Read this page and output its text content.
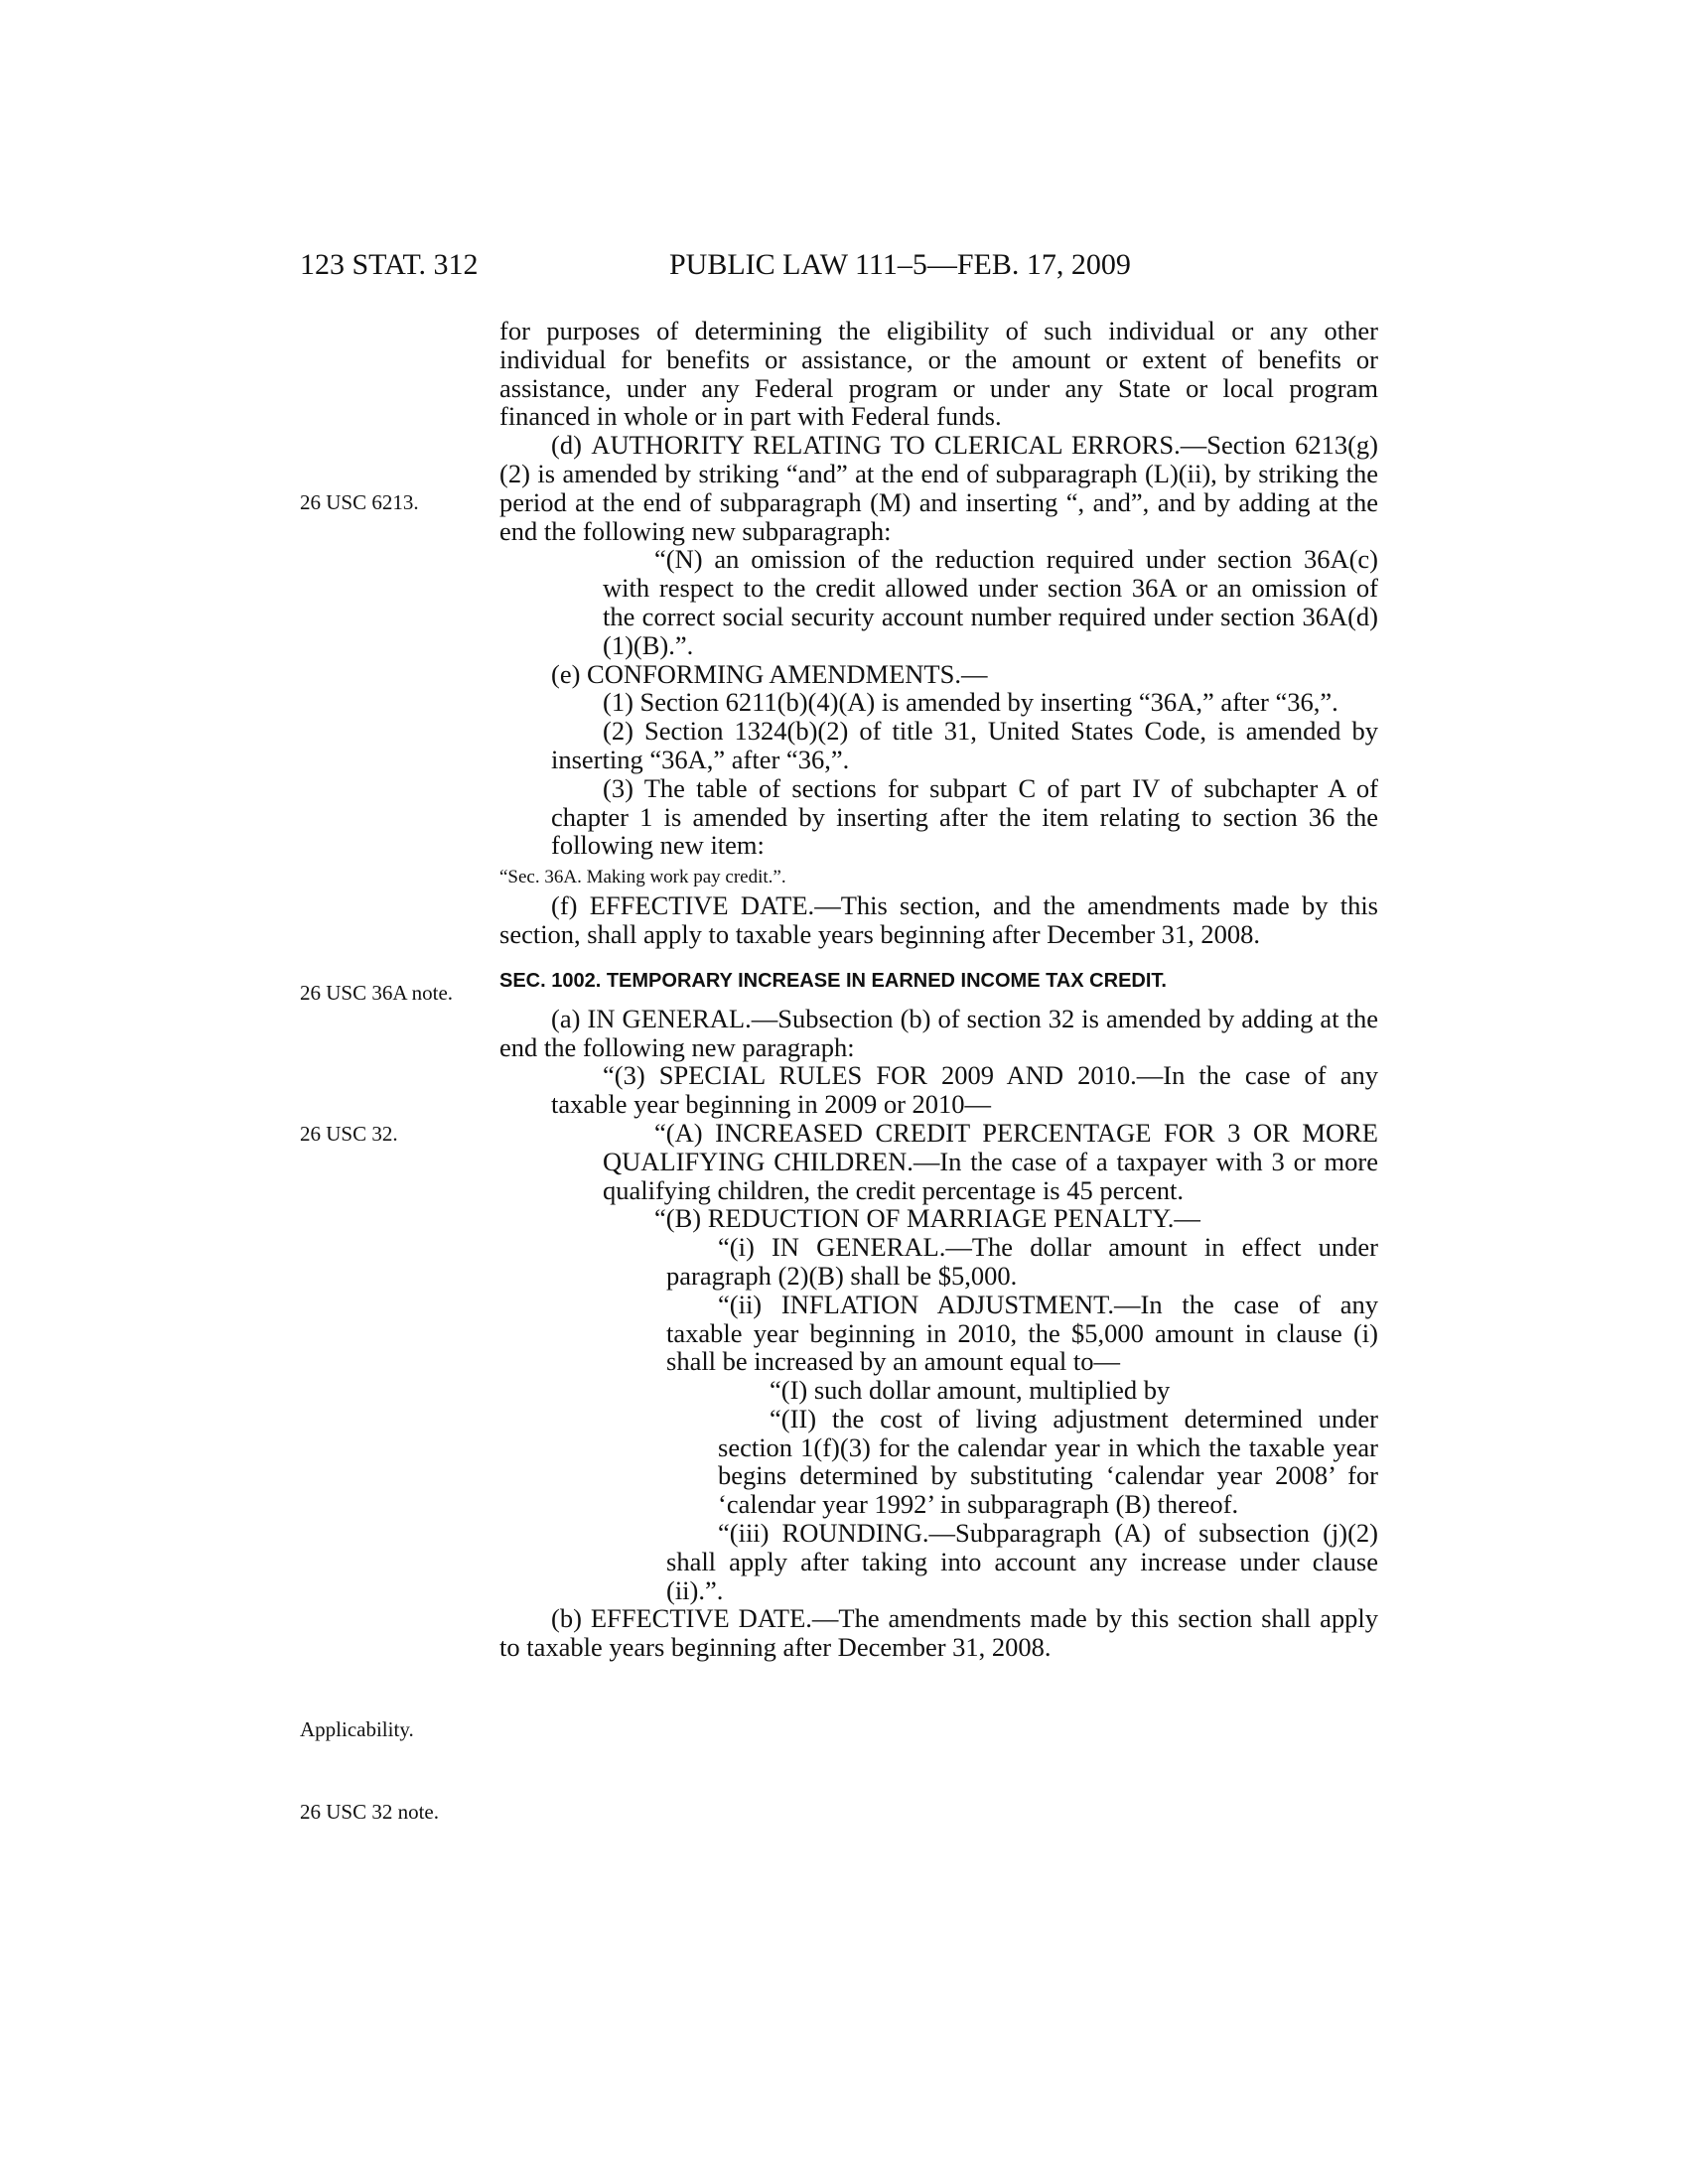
123 STAT. 312	PUBLIC LAW 111–5—FEB. 17, 2009
26 USC 6213.
26 USC 36A note.
26 USC 32.
Applicability.
26 USC 32 note.

for purposes of determining the eligibility of such individual or any other individual for benefits or assistance, or the amount or extent of benefits or assistance, under any Federal program or under any State or local program financed in whole or in part with Federal funds.

(d) AUTHORITY RELATING TO CLERICAL ERRORS.—Section 6213(g)(2) is amended by striking “and” at the end of subparagraph (L)(ii), by striking the period at the end of subparagraph (M) and inserting “, and”, and by adding at the end the following new subparagraph:

“(N) an omission of the reduction required under section 36A(c) with respect to the credit allowed under section 36A or an omission of the correct social security account number required under section 36A(d)(1)(B).”.

(e) CONFORMING AMENDMENTS.—

(1) Section 6211(b)(4)(A) is amended by inserting “36A,” after “36,”.

(2) Section 1324(b)(2) of title 31, United States Code, is amended by inserting “36A,” after “36,”.

(3) The table of sections for subpart C of part IV of subchapter A of chapter 1 is amended by inserting after the item relating to section 36 the following new item:

“Sec. 36A. Making work pay credit.”.

(f) EFFECTIVE DATE.—This section, and the amendments made by this section, shall apply to taxable years beginning after December 31, 2008.

SEC. 1002. TEMPORARY INCREASE IN EARNED INCOME TAX CREDIT.

(a) IN GENERAL.—Subsection (b) of section 32 is amended by adding at the end the following new paragraph:

“(3) SPECIAL RULES FOR 2009 AND 2010.—In the case of any taxable year beginning in 2009 or 2010—

“(A) INCREASED CREDIT PERCENTAGE FOR 3 OR MORE QUALIFYING CHILDREN.—In the case of a taxpayer with 3 or more qualifying children, the credit percentage is 45 percent.

“(B) REDUCTION OF MARRIAGE PENALTY.—

“(i) IN GENERAL.—The dollar amount in effect under paragraph (2)(B) shall be $5,000.

“(ii) INFLATION ADJUSTMENT.—In the case of any taxable year beginning in 2010, the $5,000 amount in clause (i) shall be increased by an amount equal to—

“(I) such dollar amount, multiplied by

“(II) the cost of living adjustment determined under section 1(f)(3) for the calendar year in which the taxable year begins determined by substituting ‘calendar year 2008’ for ‘calendar year 1992’ in subparagraph (B) thereof.

“(iii) ROUNDING.—Subparagraph (A) of subsection (j)(2) shall apply after taking into account any increase under clause (ii).”.

(b) EFFECTIVE DATE.—The amendments made by this section shall apply to taxable years beginning after December 31, 2008.
